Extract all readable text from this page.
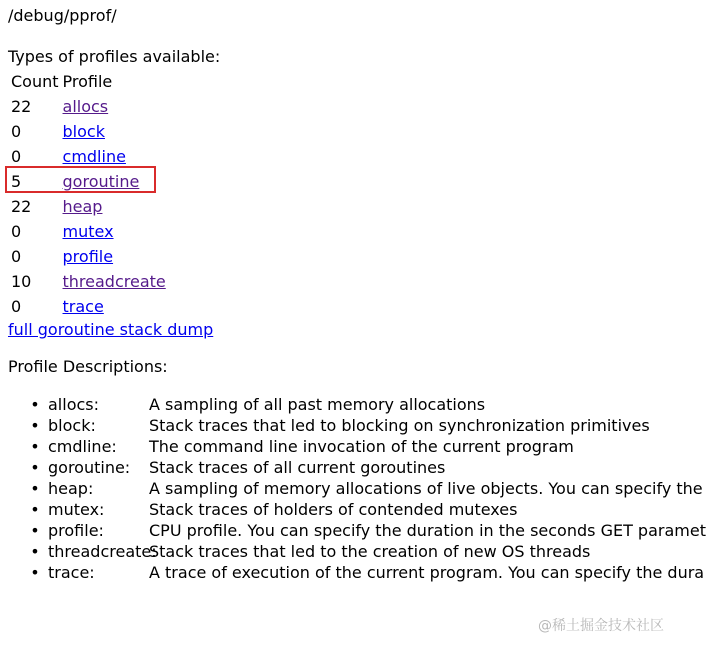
/debug/pprof/
Types of profiles available:
Count	Profile
22	allocs
0	block
0	cmdline
5	goroutine
22	heap
0	mutex
0	profile
10	threadcreate
0	trace
full goroutine stack dump
Profile Descriptions:
• allocs:	A sampling of all past memory allocations
• block:	Stack traces that led to blocking on synchronization primitives
• cmdline: The command line invocation of the current program
• goroutine: Stack traces of all current goroutines
• heap:	A sampling of memory allocations of live objects. You can specify the
• mutex:	Stack traces of holders of contended mutexes
• profile:	CPU profile. You can specify the duration in the seconds GET paramet
• threadcreate:Stack traces that led to the creation of new OS threads
• trace:	A trace of execution of the current program. You can specify the dura
@稀土掘金技术社区
